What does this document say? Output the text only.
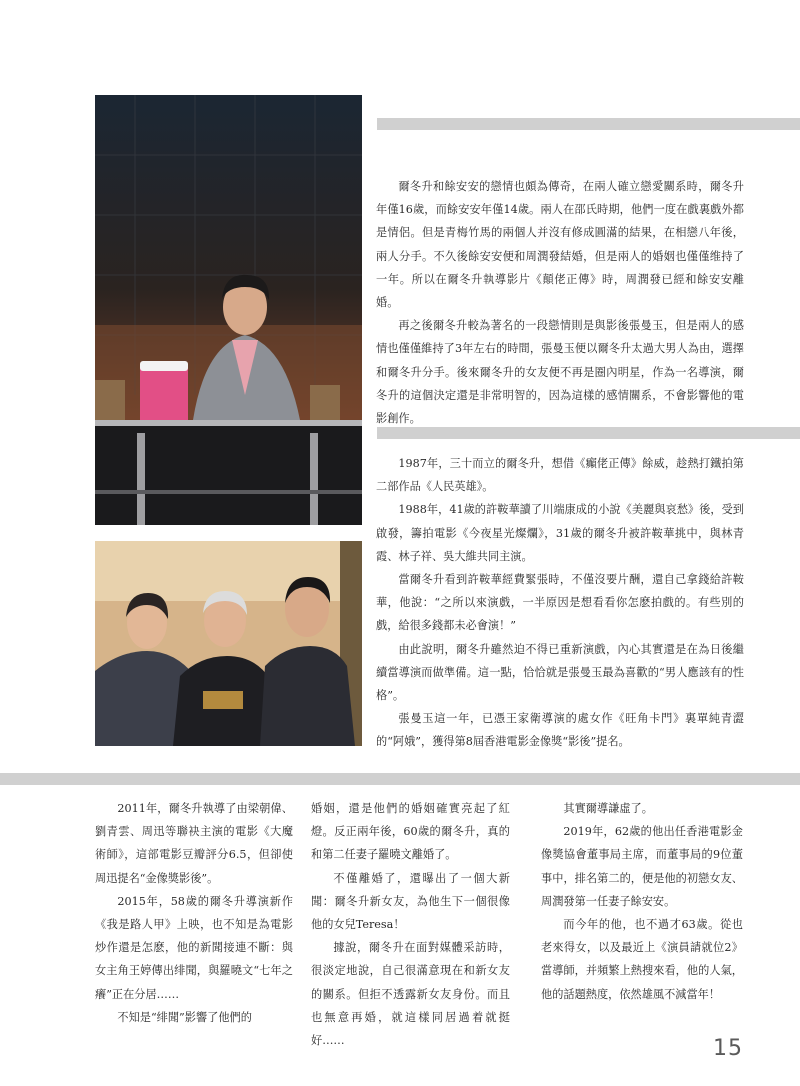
爾冬升和餘安安的戀情也頗為傳奇，在兩人確立戀愛關系時，爾冬升年僅16歲，而餘安安年僅14歲。兩人在邵氏時期，他們一度在戲裏戲外都是情侶。但是青梅竹馬的兩個人并沒有修成圓滿的結果，在相戀八年後，兩人分手。不久後餘安安便和周潤發結婚，但是兩人的婚姻也僅僅维持了一年。所以在爾冬升執導影片《顛佬正傳》時，周潤發已經和餘安安離婚。

再之後爾冬升較為著名的一段戀情則是與影後張曼玉，但是兩人的感情也僅僅維持了3年左右的時間，張曼玉便以爾冬升太過大男人為由，選擇和爾冬升分手。後來爾冬升的女友便不再是圈內明星，作為一名導演，爾冬升的這個決定還是非常明智的，因為這樣的感情關系，不會影響他的電影創作。

1987年，三十而立的爾冬升，想借《癲佬正傳》餘威，趁熱打鐵拍第二部作品《人民英雄》。

1988年，41歲的許鞍華讀了川端康成的小說《美麗與哀愁》後，受到啟發，籌拍電影《今夜星光燦爛》，31歲的爾冬升被許鞍華挑中，與林青霞、林子祥、吳大維共同主演。

當爾冬升看到許鞍華經費緊張時，不僅沒要片酬，還自己拿錢給許鞍華，他說：“之所以來演戲，一半原因是想看看你怎麽拍戲的。有些別的戲，給很多錢都未必會演！”

由此說明，爾冬升雖然迫不得已重新演戲，內心其實還是在為日後繼續當導演而做準備。這一點，恰恰就是張曼玉最為喜歡的“男人應該有的性格”。

張曼玉這一年，已憑王家衛導演的處女作《旺角卡門》裏單純青澀的“阿娥”，獲得第8屆香港電影金像獎“影後”提名。

2011年，爾冬升執導了由梁朝偉、劉青雲、周迅等聯袂主演的電影《大魔術師》，這部電影豆瓣評分6.5，但卻使周迅提名“金像獎影後”。

2015年，58歲的爾冬升導演新作《我是路人甲》上映，也不知是為電影炒作還是怎麽，他的新聞接連不斷：與女主角王婷傳出绯聞，與羅曉文“七年之癢”正在分居……

不知是“绯聞”影響了他們的

婚姻，還是他們的婚姻確實亮起了紅燈。反正兩年後，60歲的爾冬升，真的和第二任妻子羅曉文離婚了。

不僅離婚了，還曝出了一個大新聞：爾冬升新女友，為他生下一個很像他的女兒Teresa！

據說，爾冬升在面對媒體采訪時，很淡定地說，自己很滿意現在和新女友的關系。但拒不透露新女友身份。而且也無意再婚，就這樣同居過着就挺好……

其實爾導謙虛了。

2019年，62歲的他出任香港電影金像獎協會董事局主席，而董事局的9位董事中，排名第二的，便是他的初戀女友、周潤發第一任妻子餘安安。

而今年的他，也不過才63歲。從也老來得女，以及最近上《演員請就位2》當導師，并頻繁上熱搜來看，他的人氣，他的話題熱度，依然雄風不減當年！

15
